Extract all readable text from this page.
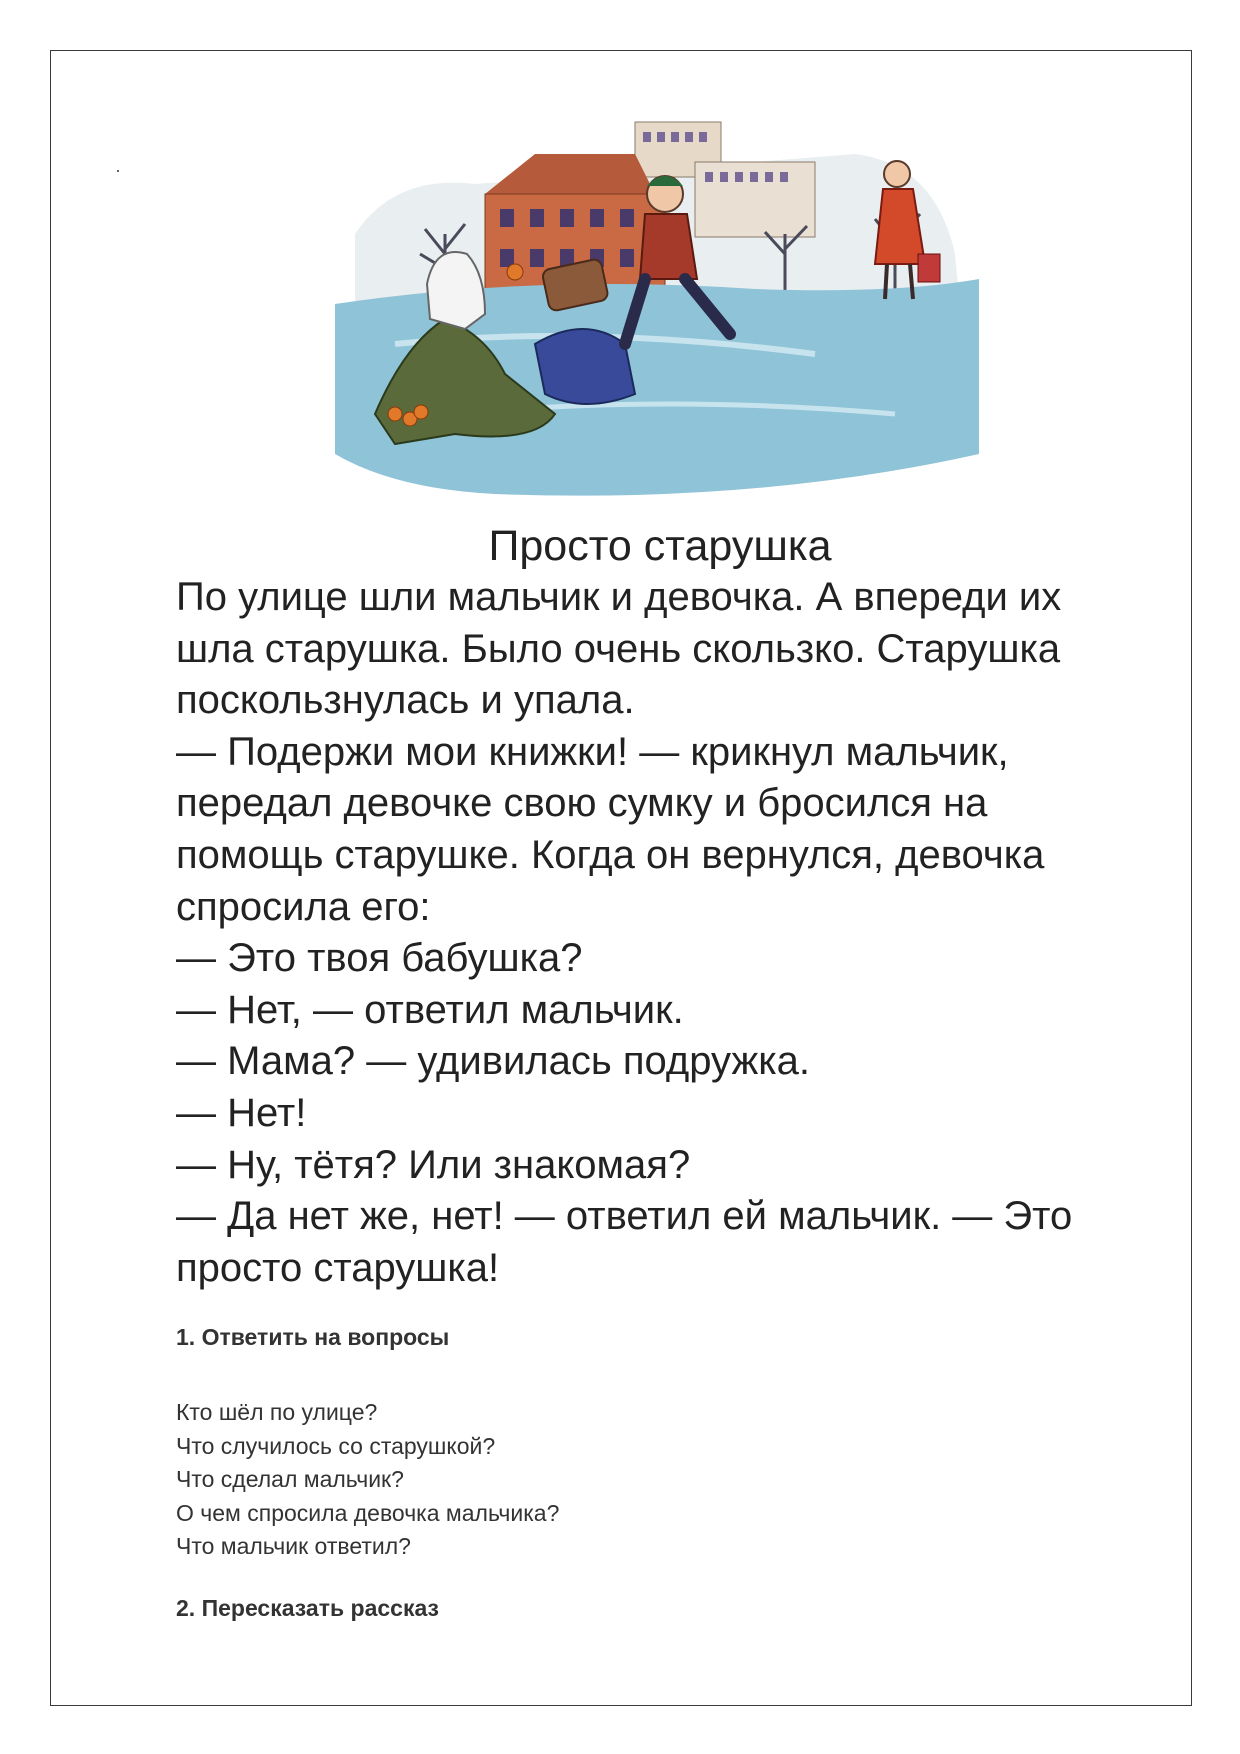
Просто старушка
По улице шли мальчик и девочка. А впереди их
шла старушка. Было очень скользко. Старушка
поскользнулась и упала.
— Подержи мои книжки! — крикнул мальчик,
передал девочке свою сумку и бросился на
помощь старушке. Когда он вернулся, девочка
спросила его:
— Это твоя бабушка?
— Нет, — ответил мальчик.
— Мама? — удивилась подружка.
— Нет!
— Ну, тётя? Или знакомая?
— Да нет же, нет! — ответил ей мальчик. — Это
просто старушка!
1. Ответить на вопросы
Кто шёл по улице?
Что случилось со старушкой?
Что сделал мальчик?
О чем спросила девочка мальчика?
Что мальчик ответил?
2. Пересказать рассказ
